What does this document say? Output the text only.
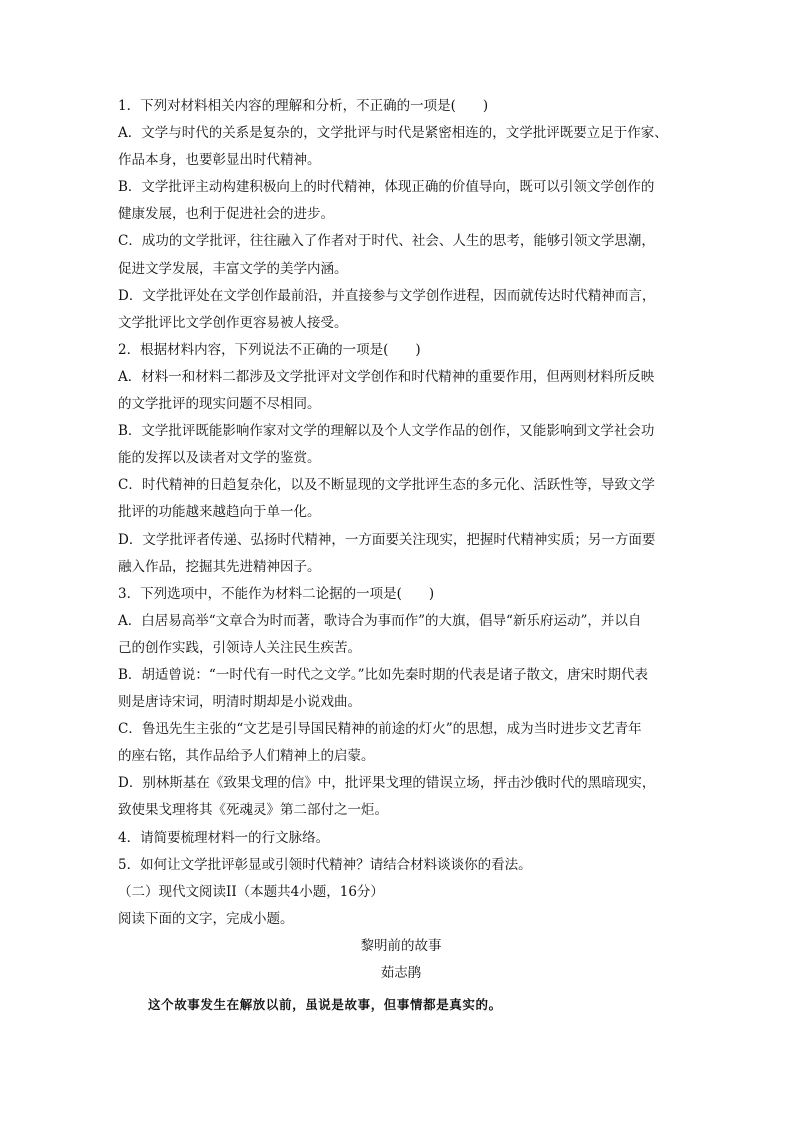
1．下列对材料相关内容的理解和分析，不正确的一项是(　　)
A．文学与时代的关系是复杂的，文学批评与时代是紧密相连的，文学批评既要立足于作家、
作品本身，也要彰显出时代精神。
B．文学批评主动构建积极向上的时代精神，体现正确的价值导向，既可以引领文学创作的
健康发展，也利于促进社会的进步。
C．成功的文学批评，往往融入了作者对于时代、社会、人生的思考，能够引领文学思潮，
促进文学发展，丰富文学的美学内涵。
D．文学批评处在文学创作最前沿，并直接参与文学创作进程，因而就传达时代精神而言，
文学批评比文学创作更容易被人接受。
2．根据材料内容，下列说法不正确的一项是(　　)
A．材料一和材料二都涉及文学批评对文学创作和时代精神的重要作用，但两则材料所反映
的文学批评的现实问题不尽相同。
B．文学批评既能影响作家对文学的理解以及个人文学作品的创作，又能影响到文学社会功
能的发挥以及读者对文学的鉴赏。
C．时代精神的日趋复杂化，以及不断显现的文学批评生态的多元化、活跃性等，导致文学
批评的功能越来越趋向于单一化。
D．文学批评者传递、弘扬时代精神，一方面要关注现实，把握时代精神实质；另一方面要
融入作品，挖掘其先进精神因子。
3．下列选项中，不能作为材料二论据的一项是(　　)
A．白居易高举“文章合为时而著，歌诗合为事而作”的大旗，倡导“新乐府运动”，并以自
己的创作实践，引领诗人关注民生疾苦。
B．胡适曾说：“一时代有一时代之文学。”比如先秦时期的代表是诸子散文，唐宋时期代表
则是唐诗宋词，明清时期却是小说戏曲。
C．鲁迅先生主张的“文艺是引导国民精神的前途的灯火”的思想，成为当时进步文艺青年
的座右铭，其作品给予人们精神上的启蒙。
D．别林斯基在《致果戈理的信》中，批评果戈理的错误立场，抨击沙俄时代的黑暗现实，
致使果戈理将其《死魂灵》第二部付之一炬。
4．请简要梳理材料一的行文脉络。
5．如何让文学批评彰显或引领时代精神？请结合材料谈谈你的看法。
（二）现代文阅读II（本题共4小题，16分）
阅读下面的文字，完成小题。
黎明前的故事
茹志鹃
这个故事发生在解放以前，虽说是故事，但事情都是真实的。
